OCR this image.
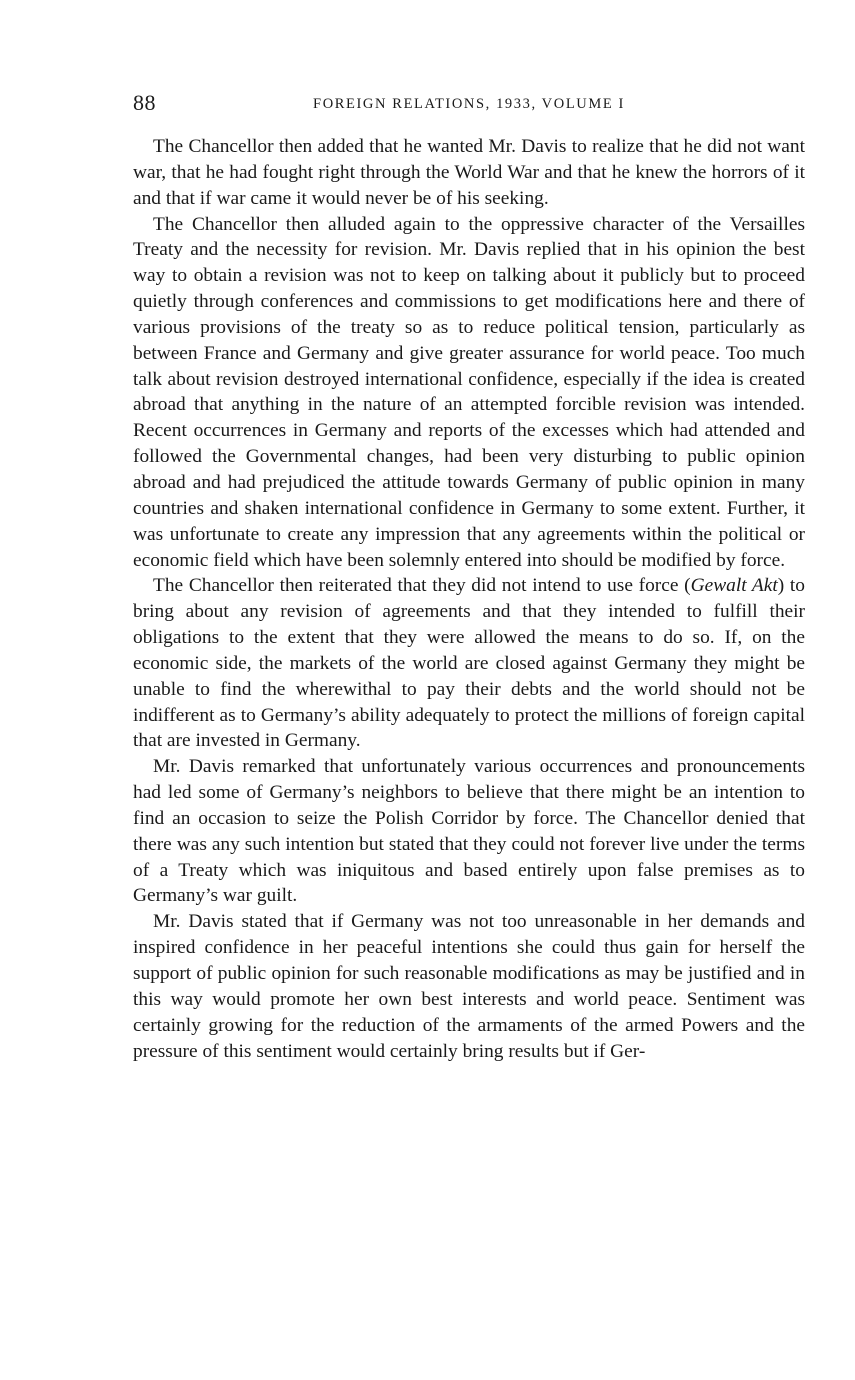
88	FOREIGN RELATIONS, 1933, VOLUME I

The Chancellor then added that he wanted Mr. Davis to realize that he did not want war, that he had fought right through the World War and that he knew the horrors of it and that if war came it would never be of his seeking.

The Chancellor then alluded again to the oppressive character of the Versailles Treaty and the necessity for revision. Mr. Davis replied that in his opinion the best way to obtain a revision was not to keep on talking about it publicly but to proceed quietly through conferences and commissions to get modifications here and there of various provisions of the treaty so as to reduce political tension, particularly as between France and Germany and give greater assurance for world peace. Too much talk about revision destroyed international confidence, especially if the idea is created abroad that anything in the nature of an attempted forcible revision was intended. Recent occurrences in Germany and reports of the excesses which had attended and followed the Governmental changes, had been very disturbing to public opinion abroad and had prejudiced the attitude towards Germany of public opinion in many countries and shaken international confidence in Germany to some extent. Further, it was unfortunate to create any impression that any agreements within the political or economic field which have been solemnly entered into should be modified by force.

The Chancellor then reiterated that they did not intend to use force (Gewalt Akt) to bring about any revision of agreements and that they intended to fulfill their obligations to the extent that they were allowed the means to do so. If, on the economic side, the markets of the world are closed against Germany they might be unable to find the wherewithal to pay their debts and the world should not be indifferent as to Germany’s ability adequately to protect the millions of foreign capital that are invested in Germany.

Mr. Davis remarked that unfortunately various occurrences and pronouncements had led some of Germany’s neighbors to believe that there might be an intention to find an occasion to seize the Polish Corridor by force. The Chancellor denied that there was any such intention but stated that they could not forever live under the terms of a Treaty which was iniquitous and based entirely upon false premises as to Germany’s war guilt.

Mr. Davis stated that if Germany was not too unreasonable in her demands and inspired confidence in her peaceful intentions she could thus gain for herself the support of public opinion for such reasonable modifications as may be justified and in this way would promote her own best interests and world peace. Sentiment was certainly growing for the reduction of the armaments of the armed Powers and the pressure of this sentiment would certainly bring results but if Ger-
